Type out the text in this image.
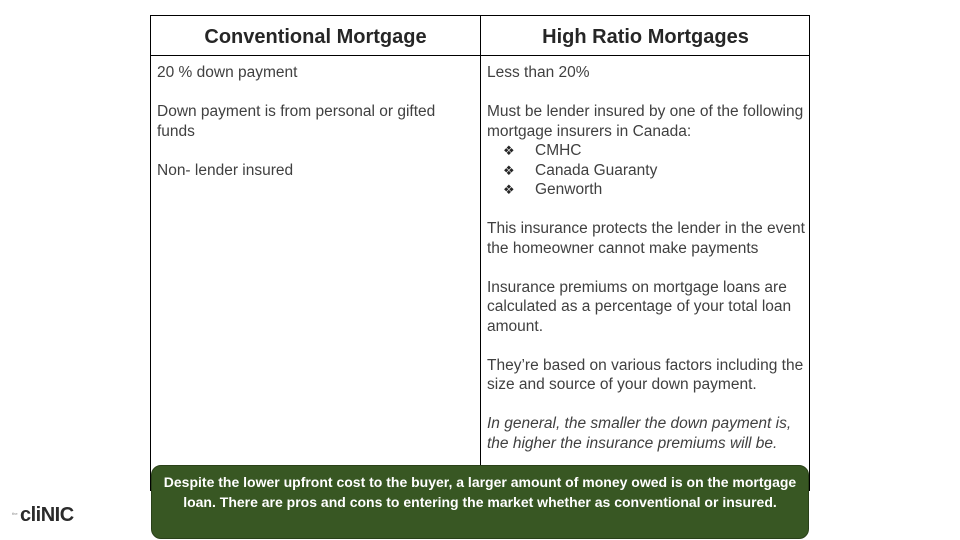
Conventional Mortgage	High Ratio Mortgages

20 % down payment

Down payment is from personal or gifted funds

Non- lender insured

Less than 20%

Must be lender insured by one of the following mortgage insurers in Canada:

❖ CMHC
❖ Canada Guaranty
❖ Genworth

This insurance protects the lender in the event the homeowner cannot make payments

Insurance premiums on mortgage loans are calculated as a percentage of your total loan amount.

They’re based on various factors including the size and source of your down payment.

In general, the smaller the down payment is, the higher the insurance premiums will be.

Despite the lower upfront cost to the buyer, a larger amount of money owed is on the mortgage loan. There are pros and cons to entering the market whether as conventional or insured.
the cliNIC
